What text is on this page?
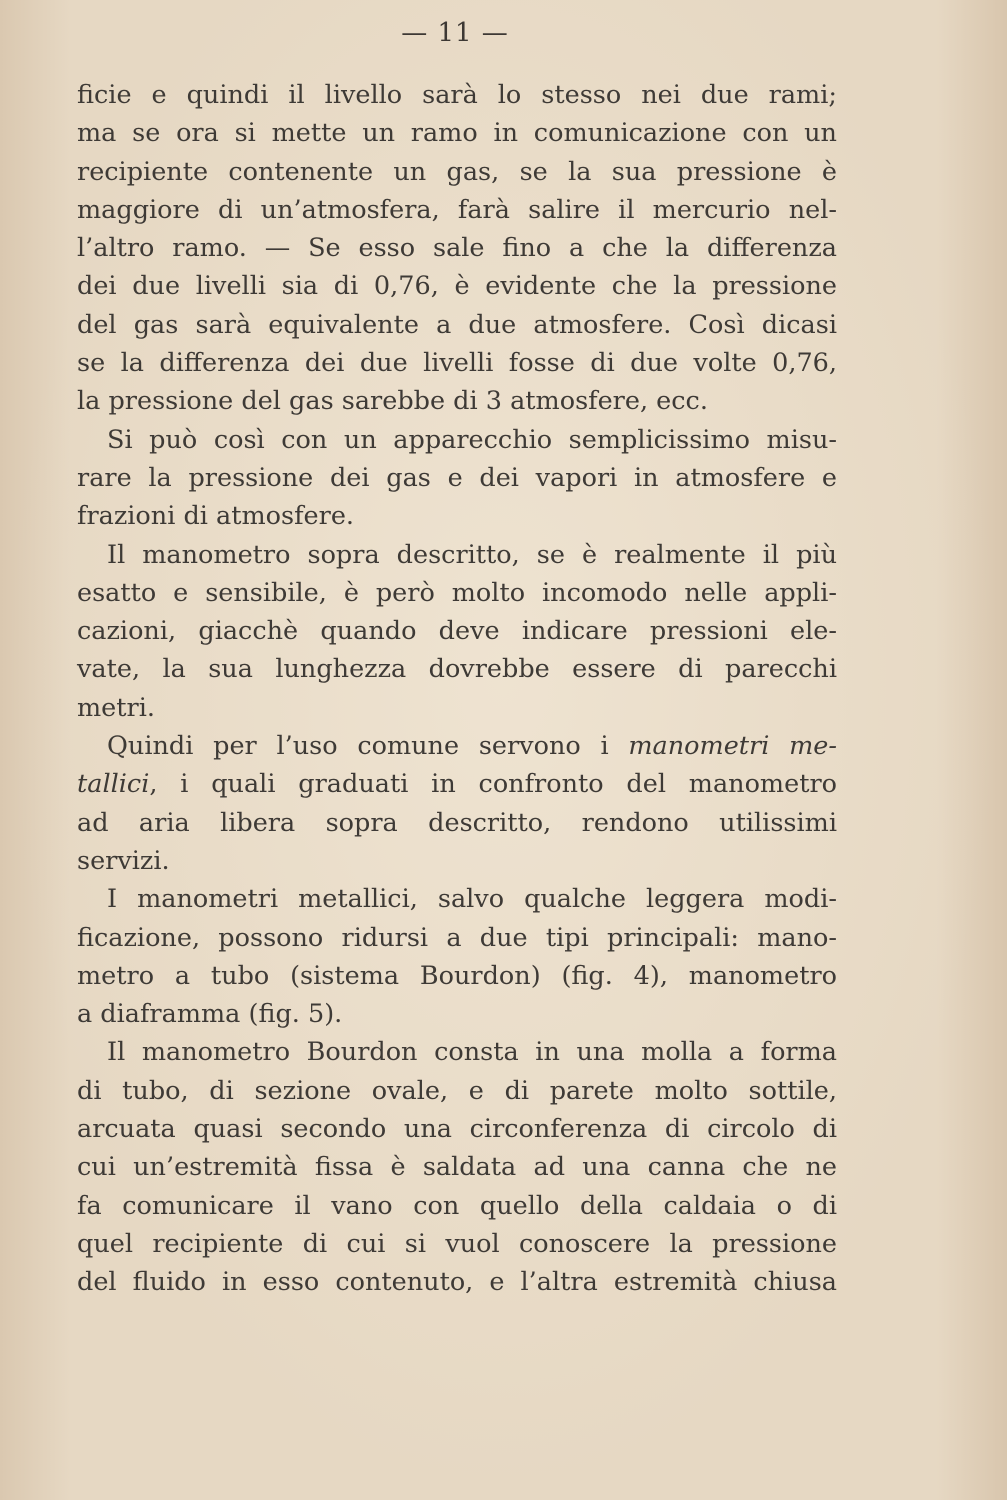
— 11 —
ficie e quindi il livello sarà lo stesso nei due rami;
ma se ora si mette un ramo in comunicazione con un
recipiente contenente un gas, se la sua pressione è
maggiore di un’atmosfera, farà salire il mercurio nel-
l’altro ramo. — Se esso sale fino a che la differenza
dei due livelli sia di 0,76, è evidente che la pressione
del gas sarà equivalente a due atmosfere. Così dicasi
se la differenza dei due livelli fosse di due volte 0,76,
la pressione del gas sarebbe di 3 atmosfere, ecc.
Si può così con un apparecchio semplicissimo misu-
rare la pressione dei gas e dei vapori in atmosfere e
frazioni di atmosfere.
Il manometro sopra descritto, se è realmente il più
esatto e sensibile, è però molto incomodo nelle appli-
cazioni, giacchè quando deve indicare pressioni ele-
vate, la sua lunghezza dovrebbe essere di parecchi
metri.
Quindi per l’uso comune servono i manometri me-
tallici, i quali graduati in confronto del manometro
ad aria libera sopra descritto, rendono utilissimi
servizi.
I manometri metallici, salvo qualche leggera modi-
ficazione, possono ridursi a due tipi principali: mano-
metro a tubo (sistema Bourdon) (fig. 4), manometro
a diaframma (fig. 5).
Il manometro Bourdon consta in una molla a forma
di tubo, di sezione ovale, e di parete molto sottile,
arcuata quasi secondo una circonferenza di circolo di
cui un’estremità fissa è saldata ad una canna che ne
fa comunicare il vano con quello della caldaia o di
quel recipiente di cui si vuol conoscere la pressione
del fluido in esso contenuto, e l’altra estremità chiusa
